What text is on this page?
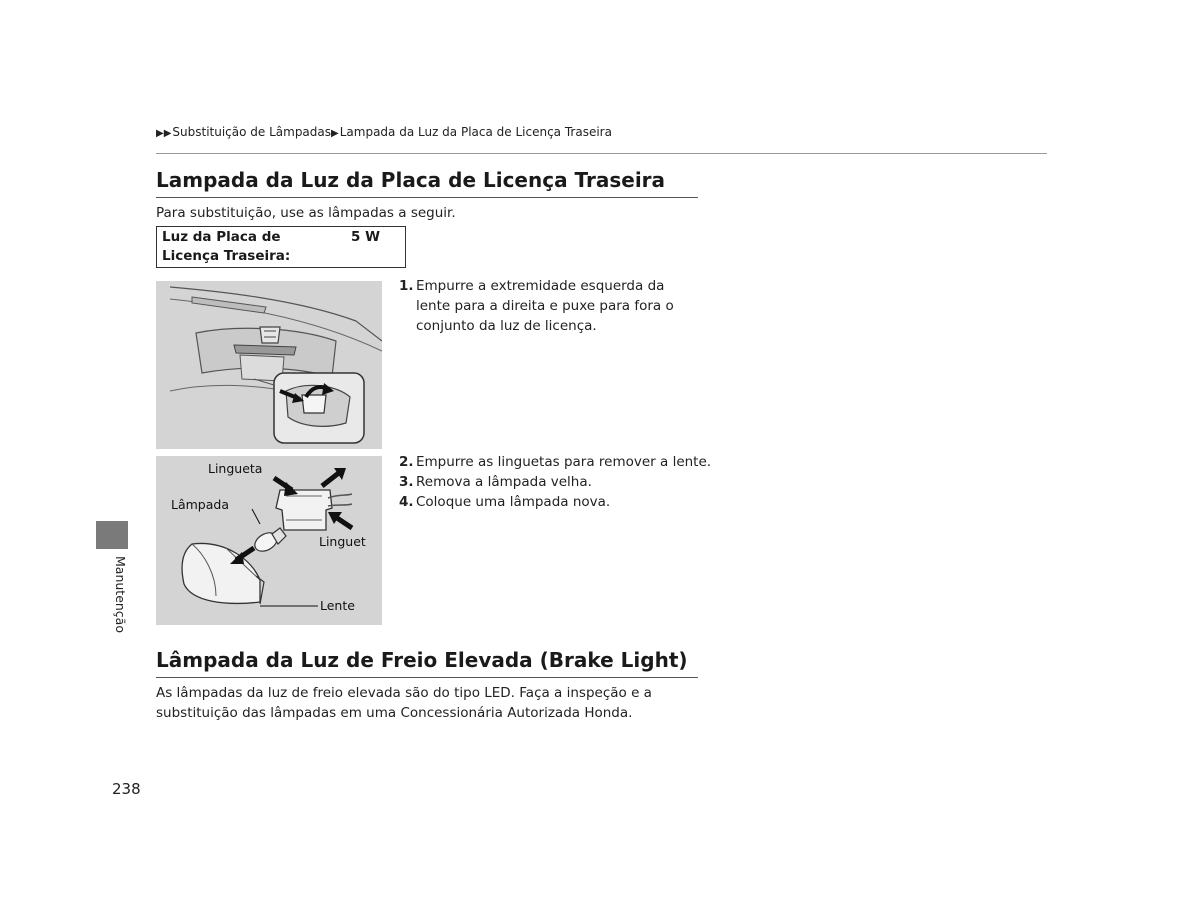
▶▶Substituição de Lâmpadas▶Lampada da Luz da Placa de Licença Traseira
Lampada da Luz da Placa de Licença Traseira
Para substituição, use as lâmpadas a seguir.
Luz da Placa de Licença Traseira:
5 W
Lingueta
Lâmpada
Linguet
Lente
1. Empurre a extremidade esquerda da lente para a direita e puxe para fora o conjunto da luz de licença.
2. Empurre as linguetas para remover a lente.
3. Remova a lâmpada velha.
4. Coloque uma lâmpada nova.
Lâmpada da Luz de Freio Elevada (Brake Light)
As lâmpadas da luz de freio elevada são do tipo LED. Faça a inspeção e a substituição das lâmpadas em uma Concessionária Autorizada Honda.
Manutenção
238
